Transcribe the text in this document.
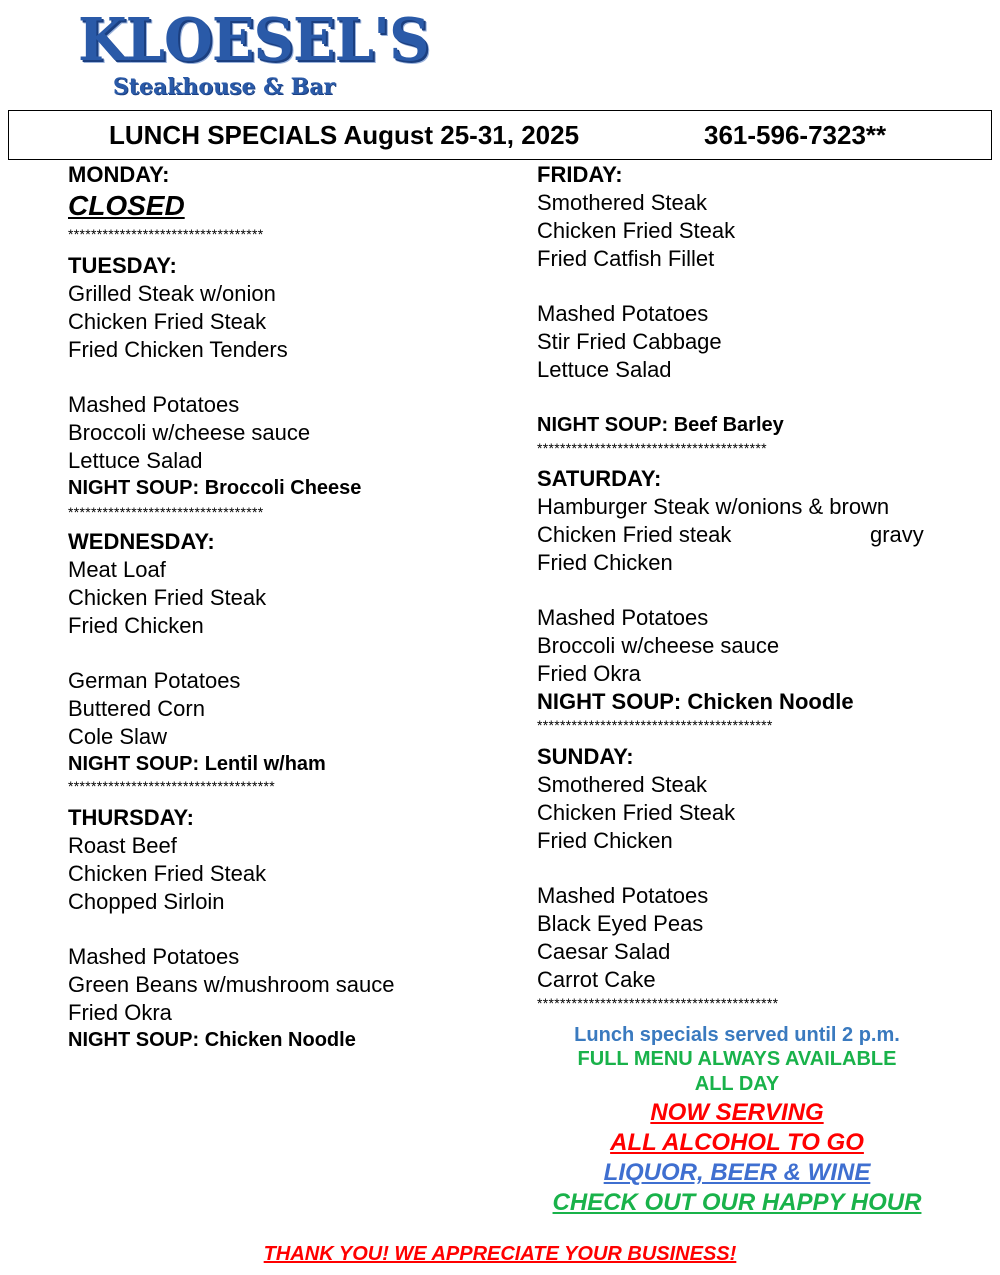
KLOESEL'S
Steakhouse & Bar
LUNCH SPECIALS August 25-31, 2025	361-596-7323**
MONDAY:
CLOSED
**********************************
TUESDAY:
Grilled Steak w/onion
Chicken Fried Steak
Fried Chicken Tenders
Mashed Potatoes
Broccoli w/cheese sauce
Lettuce Salad
NIGHT SOUP: Broccoli Cheese
**********************************
WEDNESDAY:
Meat Loaf
Chicken Fried Steak
Fried Chicken
German Potatoes
Buttered Corn
Cole Slaw
NIGHT SOUP: Lentil w/ham
************************************
THURSDAY:
Roast Beef
Chicken Fried Steak
Chopped Sirloin
Mashed Potatoes
Green Beans w/mushroom sauce
Fried Okra
NIGHT SOUP: Chicken Noodle
FRIDAY:
Smothered Steak
Chicken Fried Steak
Fried Catfish Fillet
Mashed Potatoes
Stir Fried Cabbage
Lettuce Salad
NIGHT SOUP: Beef Barley
****************************************
SATURDAY:
Hamburger Steak w/onions & brown
Chicken Fried steak	gravy
Fried Chicken
Mashed Potatoes
Broccoli w/cheese sauce
Fried Okra
NIGHT SOUP: Chicken Noodle
*****************************************
SUNDAY:
Smothered Steak
Chicken Fried Steak
Fried Chicken
Mashed Potatoes
Black Eyed Peas
Caesar Salad
Carrot Cake
******************************************
Lunch specials served until 2 p.m.
FULL MENU ALWAYS AVAILABLE
ALL DAY
NOW SERVING
ALL ALCOHOL TO GO
LIQUOR, BEER & WINE
CHECK OUT OUR HAPPY HOUR
THANK YOU! WE APPRECIATE YOUR BUSINESS!
